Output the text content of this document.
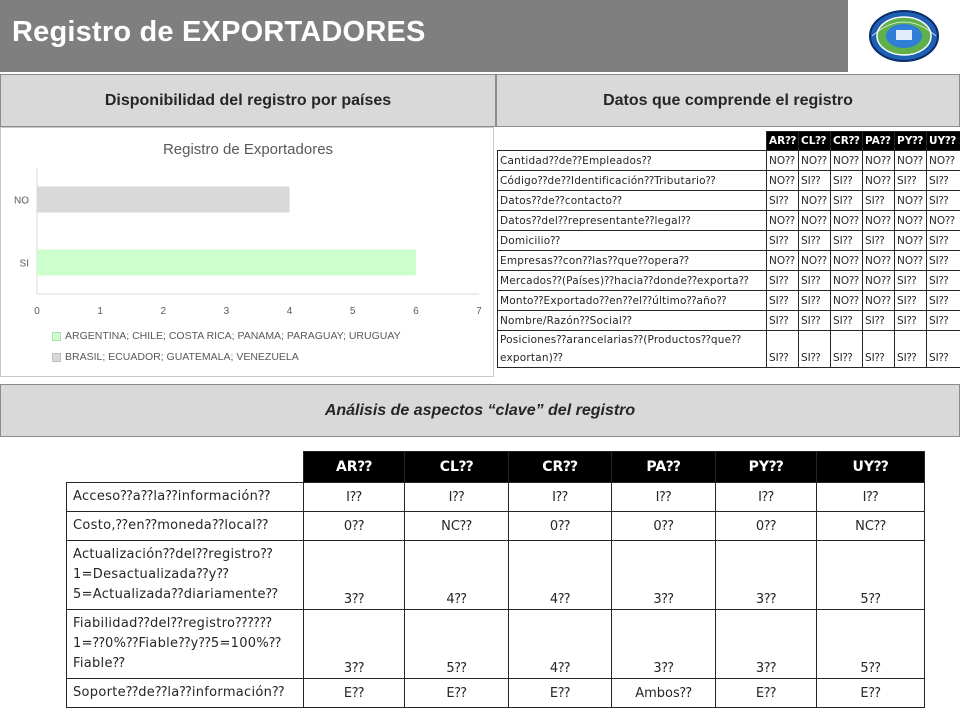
Registro de EXPORTADORES
Disponibilidad del registro por países	Datos que comprende el registro
Registro de Exportadores
NO
SI
0	1	2	3	4	5	6	7
ARGENTINA; CHILE; COSTA RICA; PANAMA; PARAGUAY; URUGUAY
BRASIL; ECUADOR; GUATEMALA; VENEZUELA
	AR⁇	CL⁇	CR⁇	PA⁇	PY⁇	UY⁇
Cantidad⁇de⁇Empleados⁇	NO⁇	NO⁇	NO⁇	NO⁇	NO⁇	NO⁇
Código⁇de⁇Identificación⁇Tributario⁇	NO⁇	SI⁇	SI⁇	NO⁇	SI⁇	SI⁇
Datos⁇de⁇contacto⁇	SI⁇	NO⁇	SI⁇	SI⁇	NO⁇	SI⁇
Datos⁇del⁇representante⁇legal⁇	NO⁇	NO⁇	NO⁇	NO⁇	NO⁇	NO⁇
Domicilio⁇	SI⁇	SI⁇	SI⁇	SI⁇	NO⁇	SI⁇
Empresas⁇con⁇las⁇que⁇opera⁇	NO⁇	NO⁇	NO⁇	NO⁇	NO⁇	SI⁇
Mercados⁇(Países)⁇hacia⁇donde⁇exporta⁇	SI⁇	SI⁇	NO⁇	NO⁇	SI⁇	SI⁇
Monto⁇Exportado⁇en⁇el⁇último⁇año⁇	SI⁇	SI⁇	NO⁇	NO⁇	SI⁇	SI⁇
Nombre/Razón⁇Social⁇	SI⁇	SI⁇	SI⁇	SI⁇	SI⁇	SI⁇
Posiciones⁇arancelarias⁇(Productos⁇que⁇ exportan)⁇	SI⁇	SI⁇	SI⁇	SI⁇	SI⁇	SI⁇
Análisis de aspectos “clave” del registro
	AR⁇	CL⁇	CR⁇	PA⁇	PY⁇	UY⁇
Acceso⁇a⁇la⁇información⁇	I⁇	I⁇	I⁇	I⁇	I⁇	I⁇
Costo,⁇en⁇moneda⁇local⁇	0⁇	NC⁇	0⁇	0⁇	0⁇	NC⁇

Actualización⁇del⁇registro⁇
1=Desactualizada⁇y⁇
5=Actualizada⁇diariamente⁇	3⁇	4⁇	4⁇	3⁇	3⁇	5⁇

Fiabilidad⁇del⁇registro⁇⁇⁇
1=⁇0%⁇Fiable⁇y⁇5=100%⁇
Fiable⁇	3⁇	5⁇	4⁇	3⁇	3⁇	5⁇
Soporte⁇de⁇la⁇información⁇	E⁇	E⁇	E⁇	Ambos⁇	E⁇	E⁇
